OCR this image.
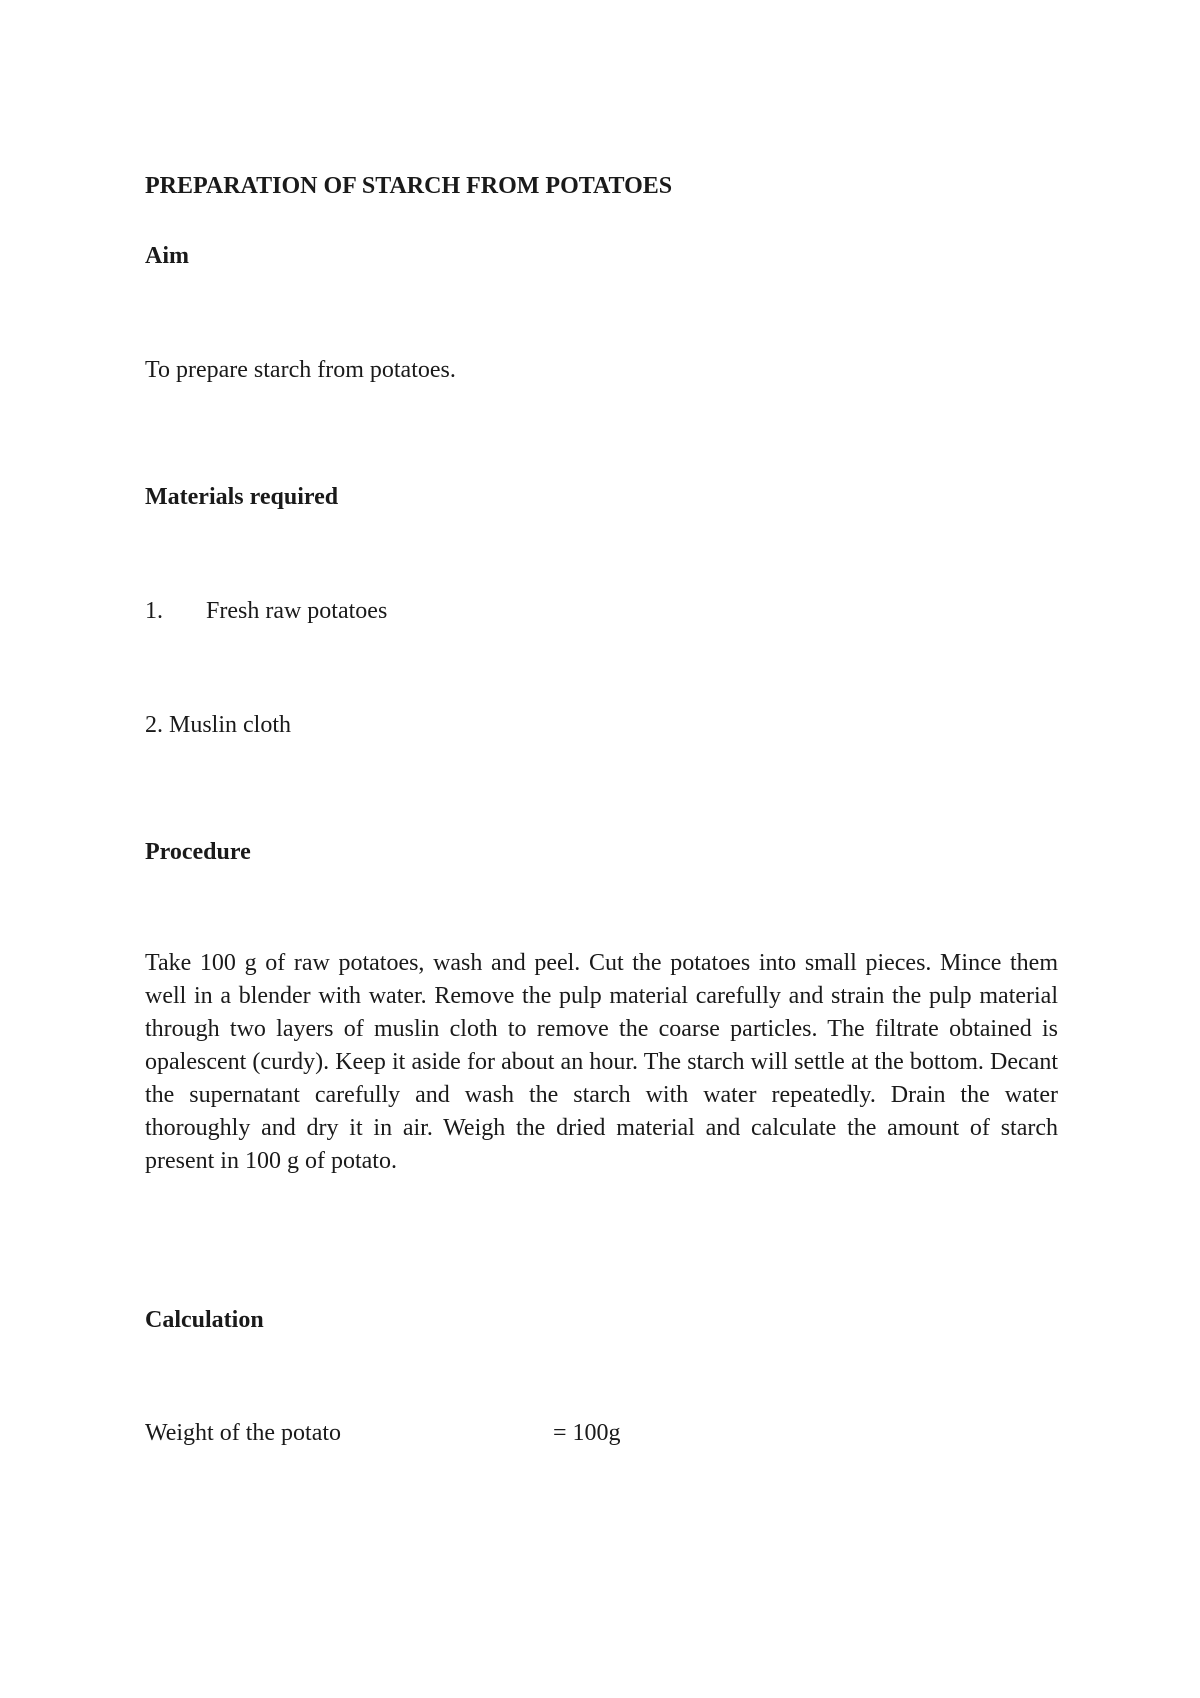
PREPARATION OF STARCH FROM POTATOES
Aim
To prepare starch from potatoes.
Materials required
1. Fresh raw potatoes
2. Muslin cloth
Procedure
Take 100 g of raw potatoes, wash and peel. Cut the potatoes into small pieces. Mince them well in a blender with water. Remove the pulp material carefully and strain the pulp material through two layers of muslin cloth to remove the coarse particles. The filtrate obtained is opalescent (curdy). Keep it aside for about an hour. The starch will settle at the bottom. Decant the supernatant carefully and wash the starch with water repeatedly. Drain the water thoroughly and dry it in air. Weigh the dried material and calculate the amount of starch present in 100 g of potato.
Calculation
Weight of the potato	= 100g
